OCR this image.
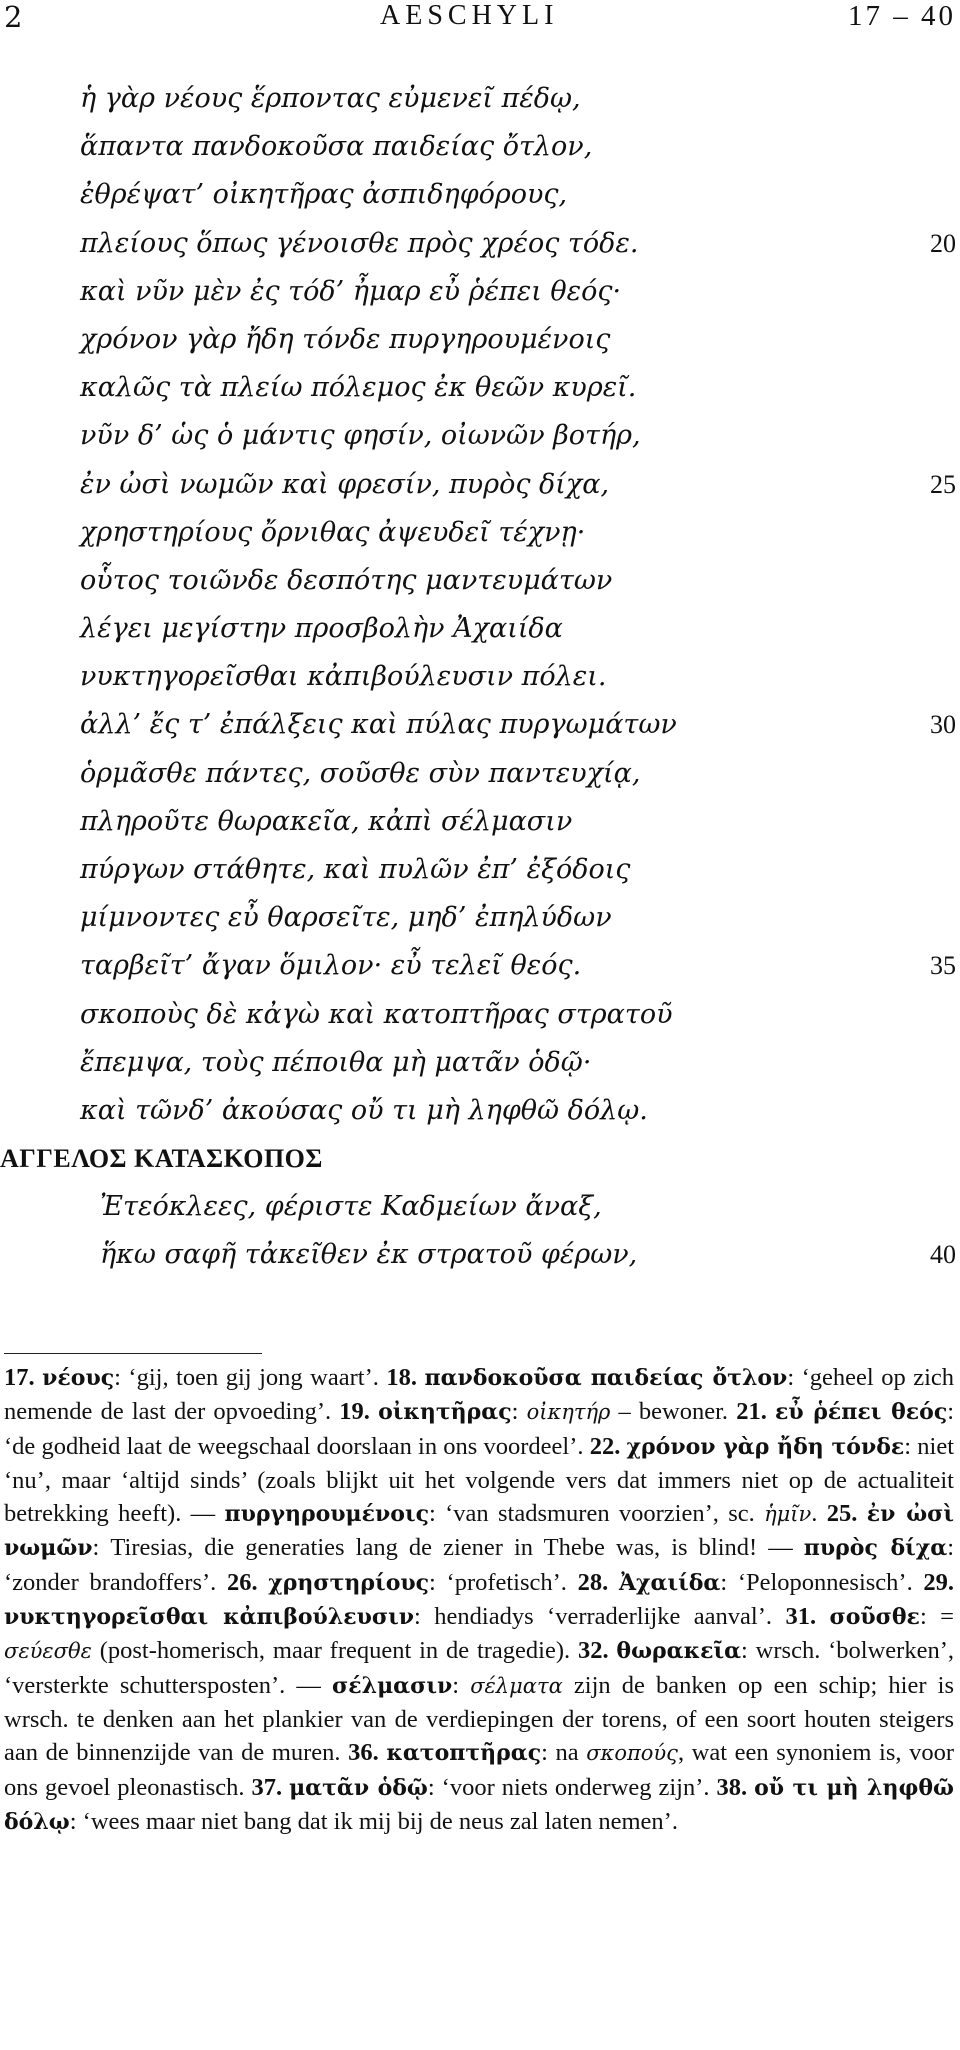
2	AESCHYLI	17 – 40
ἡ γὰρ νέους ἕρποντας εὐμενεῖ πέδῳ,
ἅπαντα πανδοκοῦσα παιδείας ὄτλον,
ἐθρέψατ’ οἰκητῆρας ἀσπιδηφόρους,
πλείους ὅπως γένοισθε πρὸς χρέος τόδε.	20
καὶ νῦν μὲν ἐς τόδ’ ἦμαρ εὖ ῥέπει θεός·
χρόνον γὰρ ἤδη τόνδε πυργηρουμένοις
καλῶς τὰ πλείω πόλεμος ἐκ θεῶν κυρεῖ.
νῦν δ’ ὡς ὁ μάντις φησίν, οἰωνῶν βοτήρ,
ἐν ὠσὶ νωμῶν καὶ φρεσίν, πυρὸς δίχα,	25
χρηστηρίους ὄρνιθας ἀψευδεῖ τέχνῃ·
οὗτος τοιῶνδε δεσπότης μαντευμάτων
λέγει μεγίστην προσβολὴν Ἀχαιίδα
νυκτηγορεῖσθαι κἀπιβούλευσιν πόλει.
ἀλλ’ ἔς τ’ ἐπάλξεις καὶ πύλας πυργωμάτων	30
ὁρμᾶσθε πάντες, σοῦσθε σὺν παντευχίᾳ,
πληροῦτε θωρακεῖα, κἀπὶ σέλμασιν
πύργων στάθητε, καὶ πυλῶν ἐπ’ ἐξόδοις
μίμνοντες εὖ θαρσεῖτε, μηδ’ ἐπηλύδων
ταρβεῖτ’ ἄγαν ὅμιλον· εὖ τελεῖ θεός.	35
σκοποὺς δὲ κἀγὼ καὶ κατοπτῆρας στρατοῦ
ἔπεμψα, τοὺς πέποιθα μὴ ματᾶν ὁδῷ·
καὶ τῶνδ’ ἀκούσας οὔ τι μὴ ληφθῶ δόλῳ.
ΑΓΓΕΛΟΣ ΚΑΤΑΣΚΟΠΟΣ
Ἐτεόκλεες, φέριστε Καδμείων ἄναξ,
ἥκω σαφῆ τἀκεῖθεν ἐκ στρατοῦ φέρων,	40

17. νέους: ‘gij, toen gij jong waart’. 18. πανδοκοῦσα παιδείας ὄτλον: ‘geheel op zich nemende de last der opvoeding’. 19. οἰκητῆρας: οἰκητήρ – bewoner. 21. εὖ ῥέπει θεός: ‘de godheid laat de weegschaal doorslaan in ons voordeel’. 22. χρόνον γὰρ ἤδη τόνδε: niet ‘nu’, maar ‘altijd sinds’ (zoals blijkt uit het volgende vers dat immers niet op de actualiteit betrekking heeft). — πυργηρουμένοις: ‘van stadsmuren voorzien’, sc. ἡμῖν. 25. ἐν ὠσὶ νωμῶν: Tiresias, die generaties lang de ziener in Thebe was, is blind! — πυρὸς δίχα: ‘zonder brandoffers’. 26. χρηστηρίους: ‘profetisch’. 28. Ἀχαιίδα: ‘Peloponnesisch’. 29. νυκτηγορεῖσθαι κἀπιβούλευσιν: hendiadys ‘verraderlijke aanval’. 31. σοῦσθε: = σεύεσθε (post-homerisch, maar frequent in de tragedie). 32. θωρακεῖα: wrsch. ‘bolwerken’, ‘versterkte schuttersposten’. — σέλμασιν: σέλματα zijn de banken op een schip; hier is wrsch. te denken aan het plankier van de verdiepingen der torens, of een soort houten steigers aan de binnenzijde van de muren. 36. κατοπτῆρας: na σκοπούς, wat een synoniem is, voor ons gevoel pleonastisch. 37. ματᾶν ὁδῷ: ‘voor niets onderweg zijn’. 38. οὔ τι μὴ ληφθῶ δόλῳ: ‘wees maar niet bang dat ik mij bij de neus zal laten nemen’.
